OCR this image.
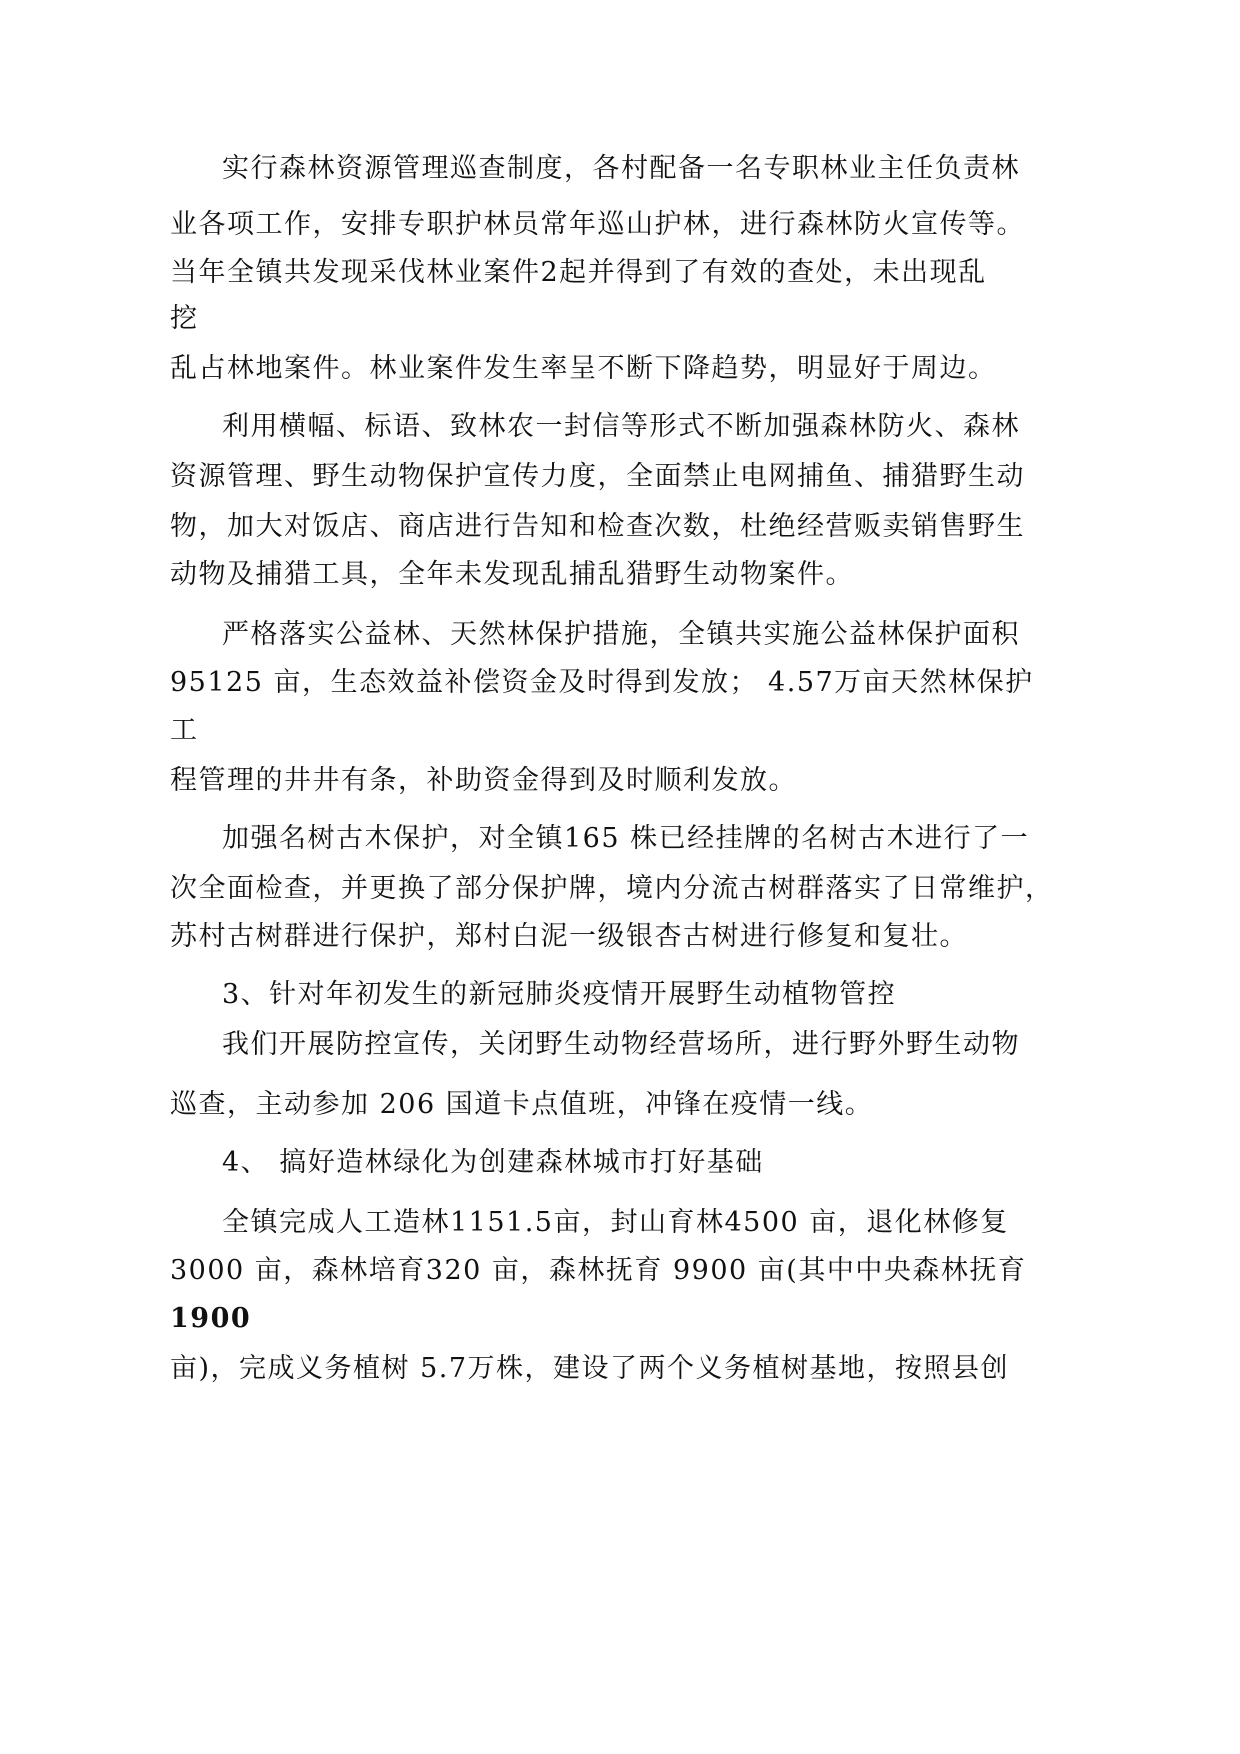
实行森林资源管理巡查制度，各村配备一名专职林业主任负责林
业各项工作，安排专职护林员常年巡山护林，进行森林防火宣传等。
当年全镇共发现采伐林业案件2起并得到了有效的查处，未出现乱
挖
乱占林地案件。林业案件发生率呈不断下降趋势，明显好于周边。
利用横幅、标语、致林农一封信等形式不断加强森林防火、森林
资源管理、野生动物保护宣传力度，全面禁止电网捕鱼、捕猎野生动
物，加大对饭店、商店进行告知和检查次数，杜绝经营贩卖销售野生
动物及捕猎工具，全年未发现乱捕乱猎野生动物案件。
严格落实公益林、天然林保护措施，全镇共实施公益林保护面积
95125 亩，生态效益补偿资金及时得到发放； 4.57万亩天然林保护
工
程管理的井井有条，补助资金得到及时顺利发放。
加强名树古木保护，对全镇165 株已经挂牌的名树古木进行了一
次全面检查，并更换了部分保护牌，境内分流古树群落实了日常维护，
苏村古树群进行保护，郑村白泥一级银杏古树进行修复和复壮。
3、针对年初发生的新冠肺炎疫情开展野生动植物管控
我们开展防控宣传，关闭野生动物经营场所，进行野外野生动物
巡查，主动参加 206 国道卡点值班，冲锋在疫情一线。
4、 搞好造林绿化为创建森林城市打好基础
全镇完成人工造林1151.5亩，封山育林4500 亩，退化林修复
3000 亩，森林培育320 亩，森林抚育 9900 亩(其中中央森林抚育
1900
亩)，完成义务植树 5.7万株，建设了两个义务植树基地，按照县创
